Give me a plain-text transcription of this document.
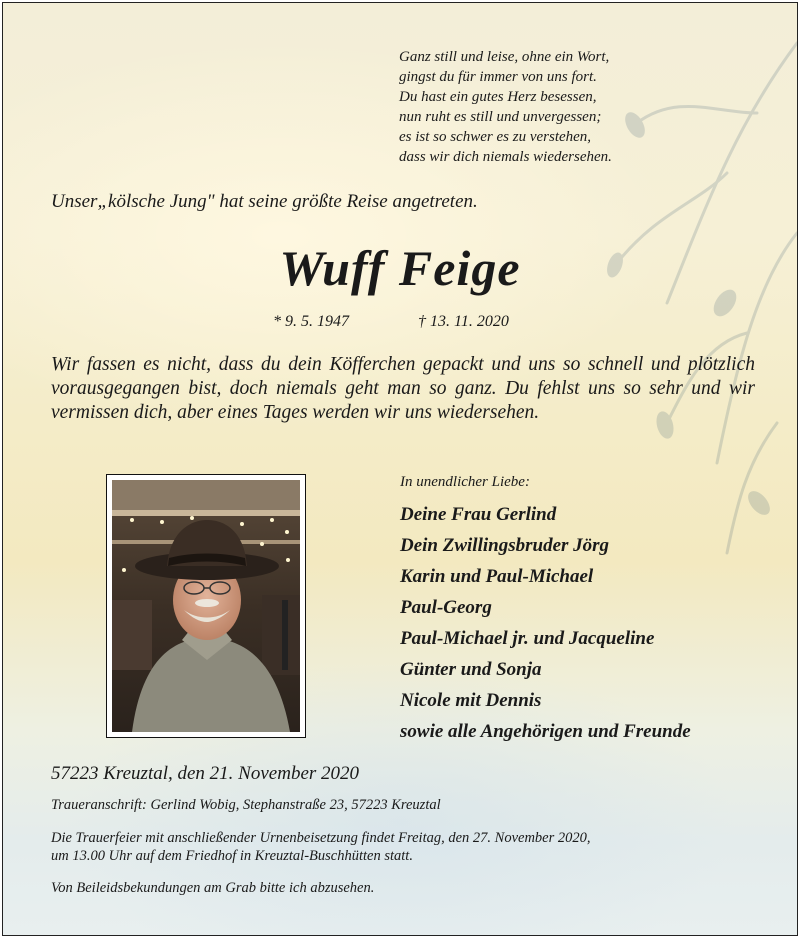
Ganz still und leise, ohne ein Wort,
gingst du für immer von uns fort.
Du hast ein gutes Herz besessen,
nun ruht es still und unvergessen;
es ist so schwer es zu verstehen,
dass wir dich niemals wiedersehen.
Unser„kölsche Jung" hat seine größte Reise angetreten.
Wuff Feige
* 9. 5. 1947	† 13. 11. 2020
Wir fassen es nicht, dass du dein Köfferchen gepackt und uns so schnell und plötzlich vorausgegangen bist, doch niemals geht man so ganz. Du fehlst uns so sehr und wir vermissen dich, aber eines Tages werden wir uns wiedersehen.
In unendlicher Liebe:
Deine Frau Gerlind
Dein Zwillingsbruder Jörg
Karin und Paul-Michael
Paul-Georg
Paul-Michael jr. und Jacqueline
Günter und Sonja
Nicole mit Dennis
sowie alle Angehörigen und Freunde
57223 Kreuztal, den 21. November 2020
Traueranschrift: Gerlind Wobig, Stephanstraße 23, 57223 Kreuztal
Die Trauerfeier mit anschließender Urnenbeisetzung findet Freitag, den 27. November 2020,
um 13.00 Uhr auf dem Friedhof in Kreuztal-Buschhütten statt.
Von Beileidsbekundungen am Grab bitte ich abzusehen.
